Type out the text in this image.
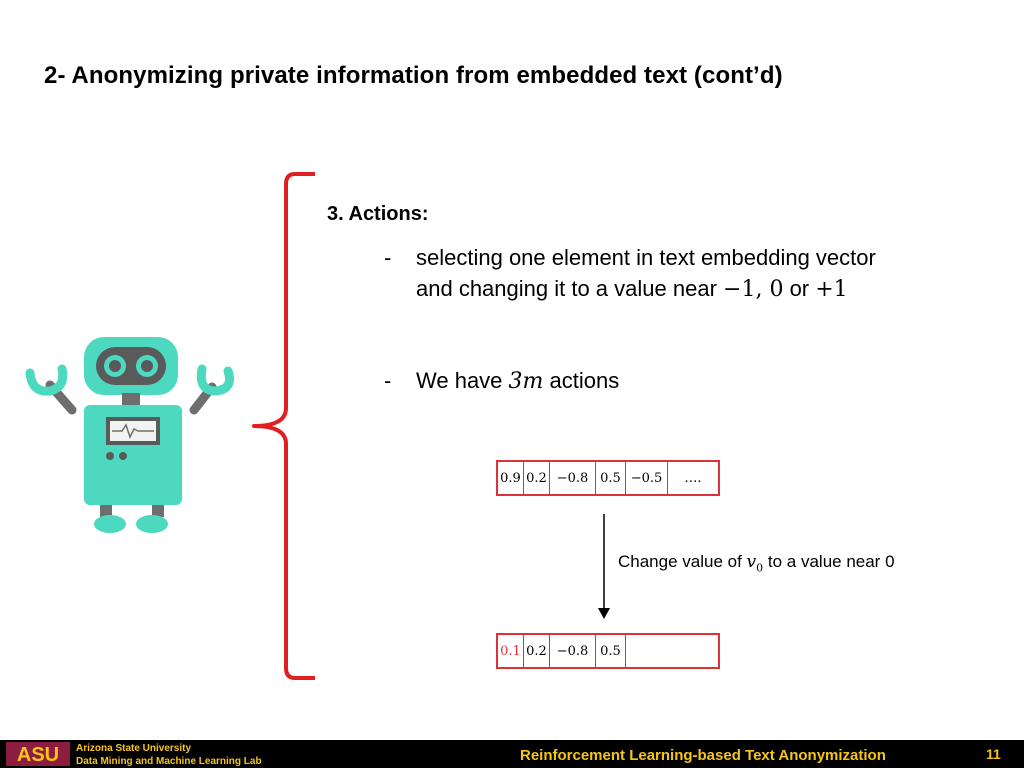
2- Anonymizing private information from embedded text (cont’d)
3. Actions:
- selecting one element in text embedding vector
and changing it to a value near −1, 0 or +1
- We have 3m actions
0.9 0.2 −0.8 0.5 −0.5	….
Change value of $v_0$ to a value near 0
0.1 0.2 −0.8 0.5
ASU Arizona State University
Data Mining and Machine Learning Lab	Reinforcement Learning-based Text Anonymization	11
